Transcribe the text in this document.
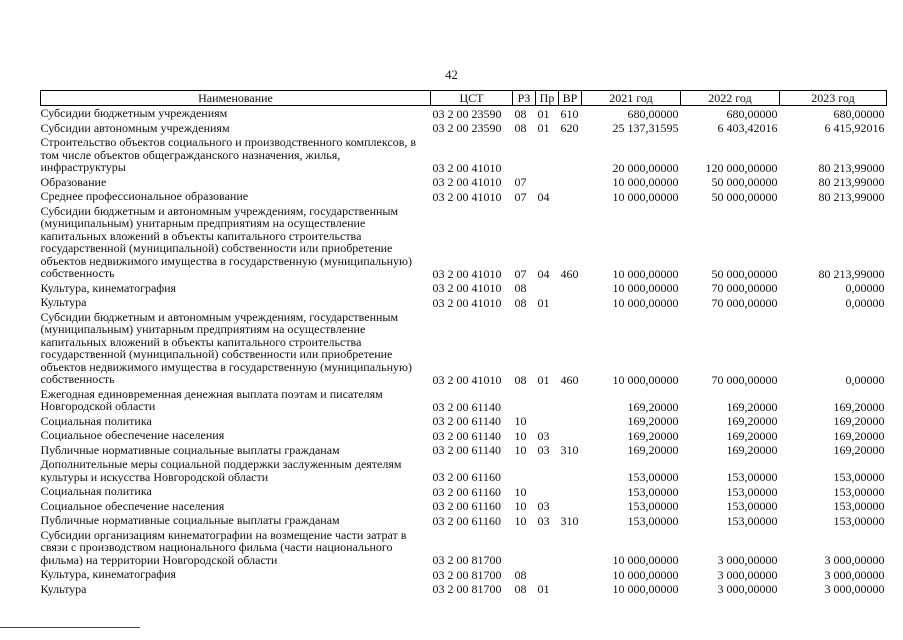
42
Наименование	ЦСТ	РЗ	Пр	ВР	2021 год	2022 год	2023 год
Субсидии бюджетным учреждениям	03 2 00 23590	08	01	610	680,00000	680,00000	680,00000
Субсидии автономным учреждениям	03 2 00 23590	08	01	620	25 137,31595	6 403,42016	6 415,92016
Строительство объектов социального и производственного комплексов, в том числе объектов общегражданского назначения, жилья, инфраструктуры	03 2 00 41010				20 000,00000	120 000,00000	80 213,99000
Образование	03 2 00 41010	07			10 000,00000	50 000,00000	80 213,99000
Среднее профессиональное образование	03 2 00 41010	07	04		10 000,00000	50 000,00000	80 213,99000
Субсидии бюджетным и автономным учреждениям, государственным (муниципальным) унитарным предприятиям на осуществление капитальных вложений в объекты капитального строительства государственной (муниципальной) собственности или приобретение объектов недвижимого имущества в государственную (муниципальную) собственность	03 2 00 41010	07	04	460	10 000,00000	50 000,00000	80 213,99000
Культура, кинематография	03 2 00 41010	08			10 000,00000	70 000,00000	0,00000
Культура	03 2 00 41010	08	01		10 000,00000	70 000,00000	0,00000
Субсидии бюджетным и автономным учреждениям, государственным (муниципальным) унитарным предприятиям на осуществление капитальных вложений в объекты капитального строительства государственной (муниципальной) собственности или приобретение объектов недвижимого имущества в государственную (муниципальную) собственность	03 2 00 41010	08	01	460	10 000,00000	70 000,00000	0,00000
Ежегодная единовременная денежная выплата поэтам и писателям Новгородской области	03 2 00 61140				169,20000	169,20000	169,20000
Социальная политика	03 2 00 61140	10			169,20000	169,20000	169,20000
Социальное обеспечение населения	03 2 00 61140	10	03		169,20000	169,20000	169,20000
Публичные нормативные социальные выплаты гражданам	03 2 00 61140	10	03	310	169,20000	169,20000	169,20000
Дополнительные меры социальной поддержки заслуженным деятелям культуры и искусства Новгородской области	03 2 00 61160				153,00000	153,00000	153,00000
Социальная политика	03 2 00 61160	10			153,00000	153,00000	153,00000
Социальное обеспечение населения	03 2 00 61160	10	03		153,00000	153,00000	153,00000
Публичные нормативные социальные выплаты гражданам	03 2 00 61160	10	03	310	153,00000	153,00000	153,00000
Субсидии организациям кинематографии на возмещение части затрат в связи с производством национального фильма (части национального фильма) на территории Новгородской области	03 2 00 81700				10 000,00000	3 000,00000	3 000,00000
Культура, кинематография	03 2 00 81700	08			10 000,00000	3 000,00000	3 000,00000
Культура	03 2 00 81700	08	01		10 000,00000	3 000,00000	3 000,00000
